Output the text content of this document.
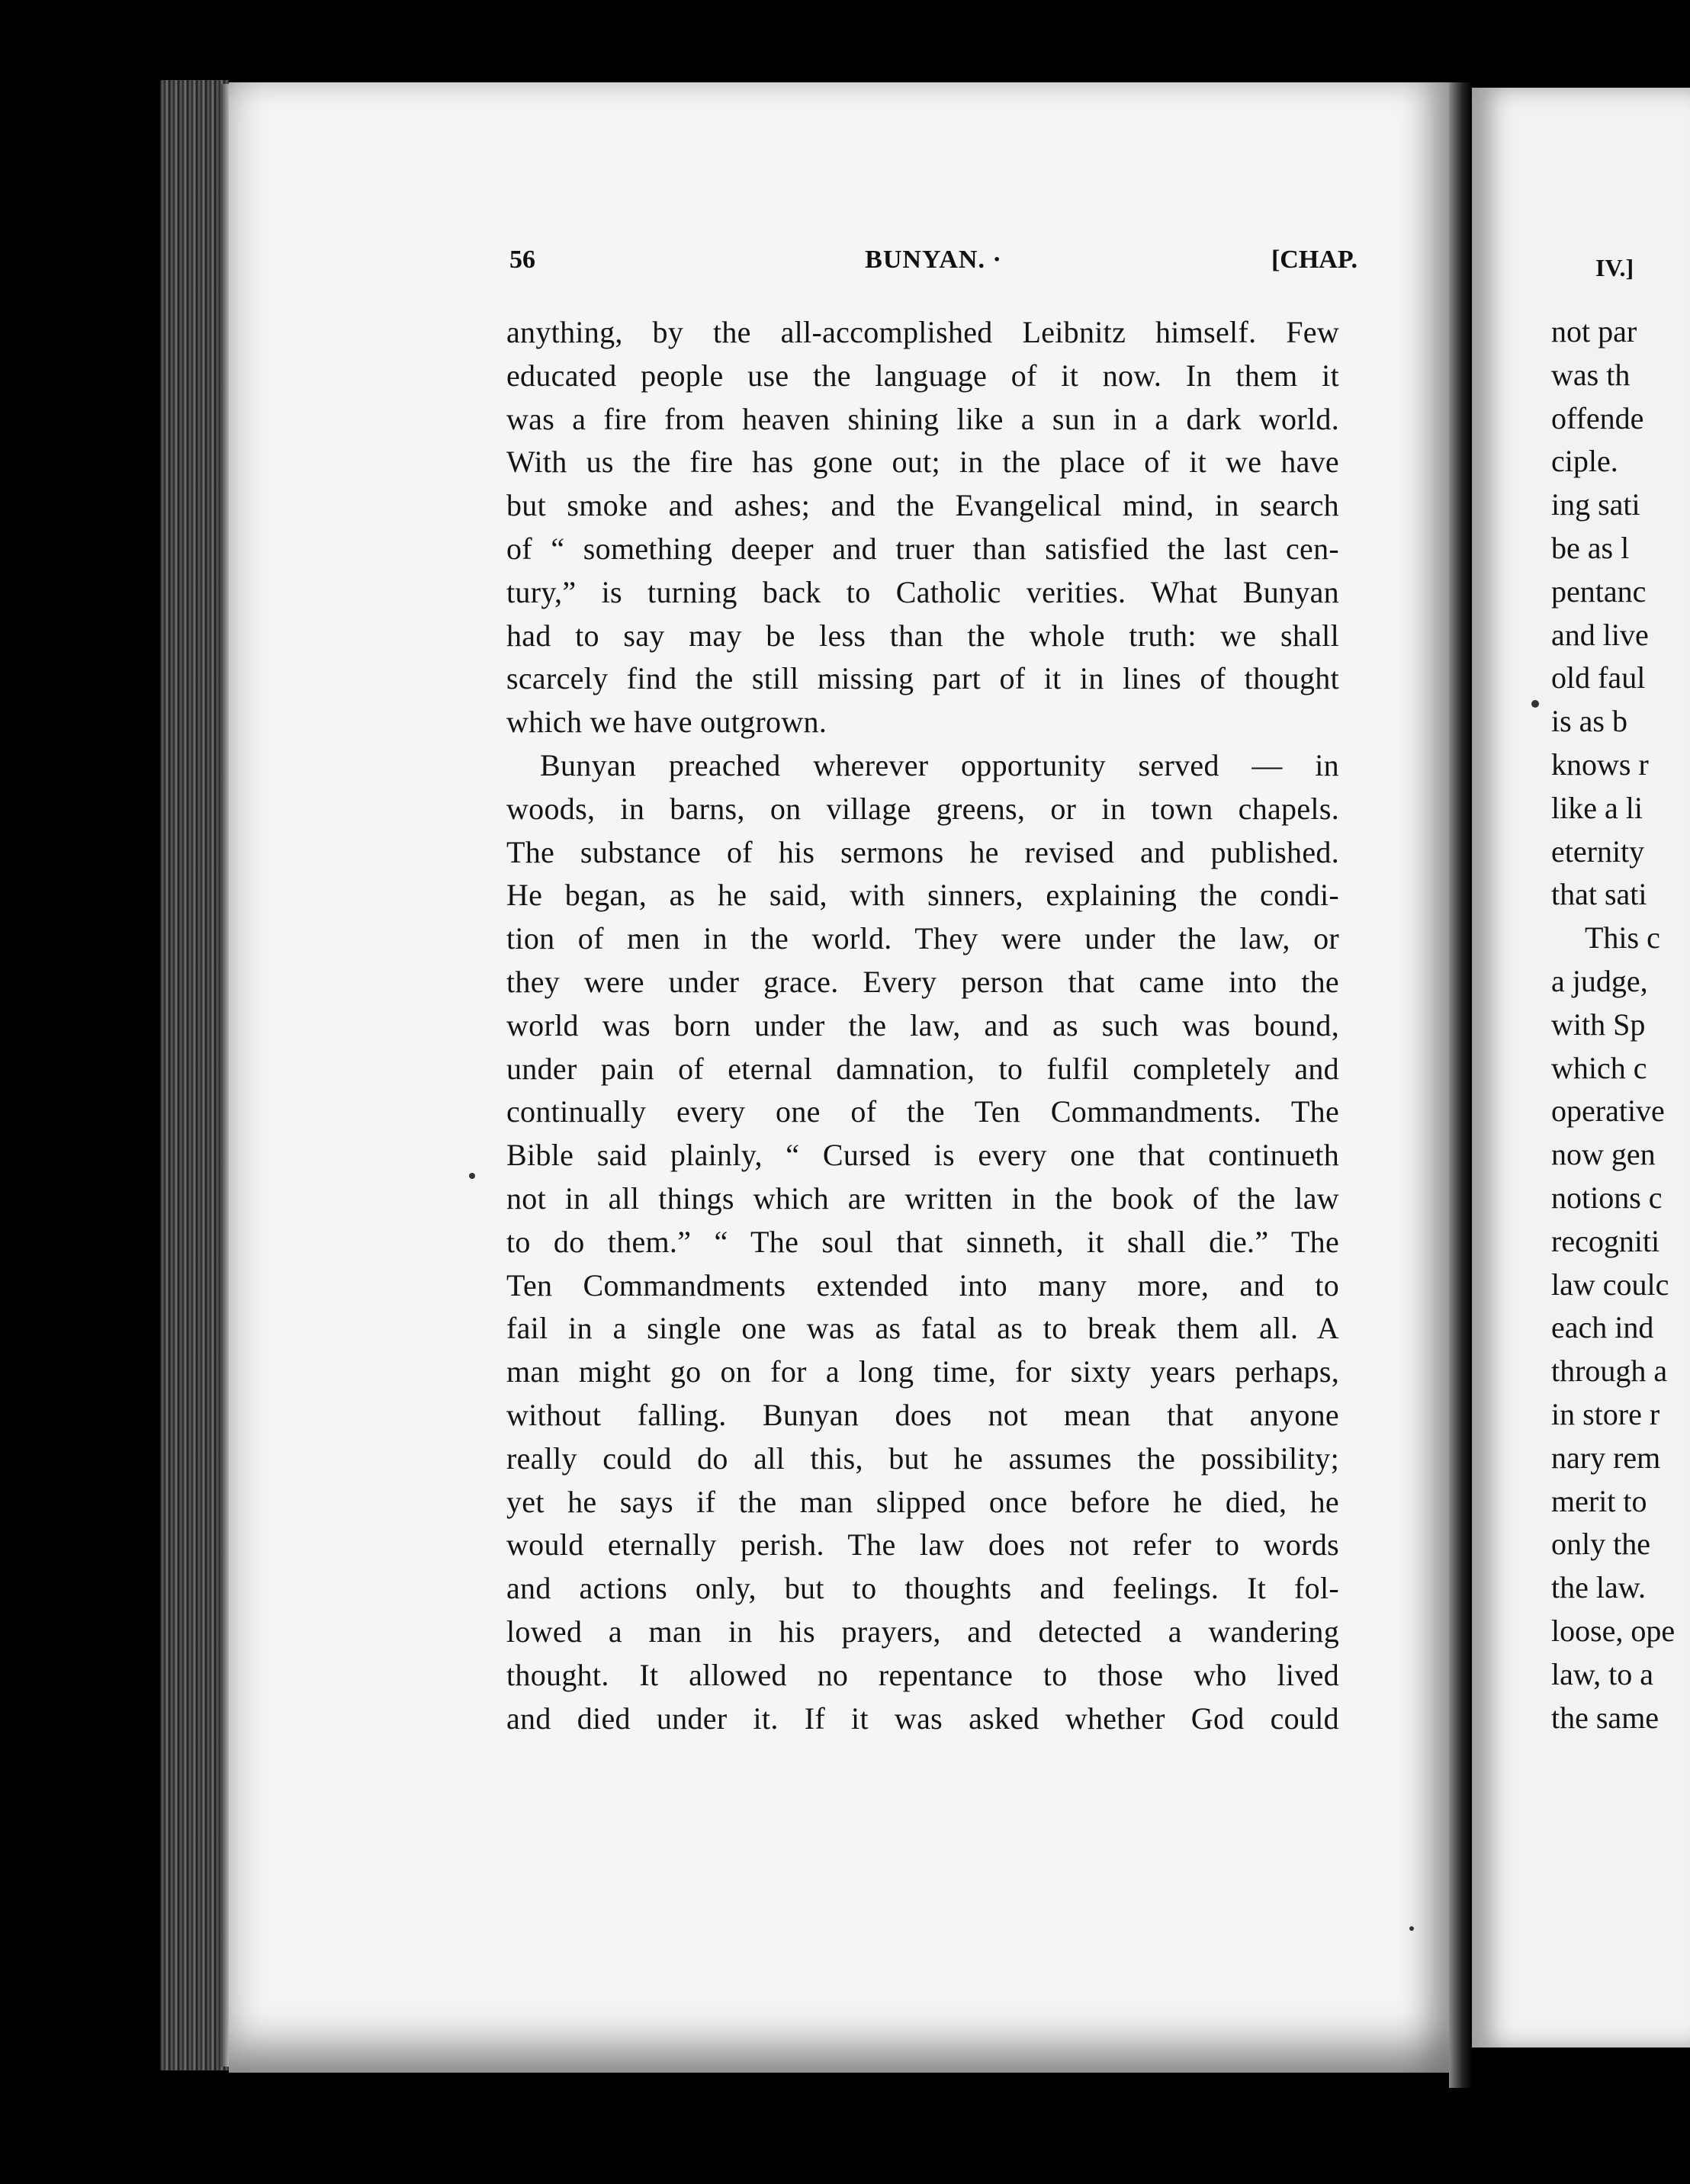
IV.]
not par
was th
offende
ciple.
ing sati
be as l
pentanc
and live
old faul
is as b
knows r
like a li
eternity
that sati
This c
a judge,
with Sp
which c
operative
now gen
notions c
recogniti
law coulc
each ind
through a
in store r
nary rem
merit to
only the
the law.
loose, ope
law, to a
the same
56	BUNYAN. ·	[CHAP.
anything, by the all-accomplished Leibnitz himself. Few
educated people use the language of it now. In them it
was a fire from heaven shining like a sun in a dark world.
With us the fire has gone out; in the place of it we have
but smoke and ashes; and the Evangelical mind, in search
of “ something deeper and truer than satisfied the last cen-
tury,” is turning back to Catholic verities. What Bunyan
had to say may be less than the whole truth: we shall
scarcely find the still missing part of it in lines of thought
which we have outgrown.
Bunyan preached wherever opportunity served — in
woods, in barns, on village greens, or in town chapels.
The substance of his sermons he revised and published.
He began, as he said, with sinners, explaining the condi-
tion of men in the world. They were under the law, or
they were under grace. Every person that came into the
world was born under the law, and as such was bound,
under pain of eternal damnation, to fulfil completely and
continually every one of the Ten Commandments. The
Bible said plainly, “ Cursed is every one that continueth
not in all things which are written in the book of the law
to do them.” “ The soul that sinneth, it shall die.” The
Ten Commandments extended into many more, and to
fail in a single one was as fatal as to break them all. A
man might go on for a long time, for sixty years perhaps,
without falling. Bunyan does not mean that anyone
really could do all this, but he assumes the possibility;
yet he says if the man slipped once before he died, he
would eternally perish. The law does not refer to words
and actions only, but to thoughts and feelings. It fol-
lowed a man in his prayers, and detected a wandering
thought. It allowed no repentance to those who lived
and died under it. If it was asked whether God could
